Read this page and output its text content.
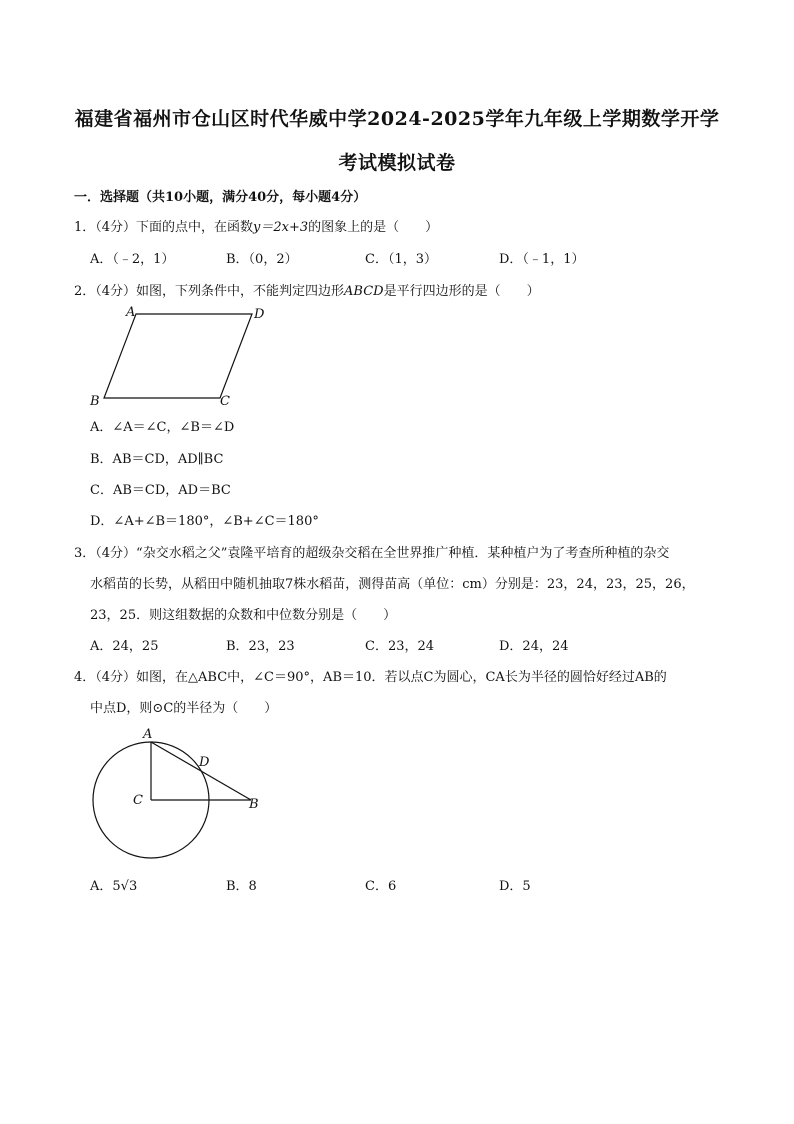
福建省福州市仓山区时代华威中学2024-2025学年九年级上学期数学开学
考试模拟试卷
一．选择题（共10小题，满分40分，每小题4分）
1．（4分）下面的点中，在函数y＝2x+3的图象上的是（　　）
A．（﹣2，1）	B．（0，2）	C．（1，3）	D．（﹣1，1）
2．（4分）如图，下列条件中，不能判定四边形ABCD是平行四边形的是（　　）
A	D
B	C
A．∠A＝∠C，∠B＝∠D
B．AB＝CD，AD∥BC
C．AB＝CD，AD＝BC
D．∠A+∠B＝180°，∠B+∠C＝180°
3．（4分）“杂交水稻之父”袁隆平培育的超级杂交稻在全世界推广种植．某种植户为了考查所种植的杂交
水稻苗的长势，从稻田中随机抽取7株水稻苗，测得苗高（单位：cm）分别是：23，24，23，25，26，
23，25．则这组数据的众数和中位数分别是（　　）
A．24，25	B．23，23	C．23，24	D．24，24
4．（4分）如图，在△ABC中，∠C＝90°，AB＝10．若以点C为圆心，CA长为半径的圆恰好经过AB的
中点D，则⊙C的半径为（　　）
A
D
C	B
A．5√3	B．8	C．6	D．5
